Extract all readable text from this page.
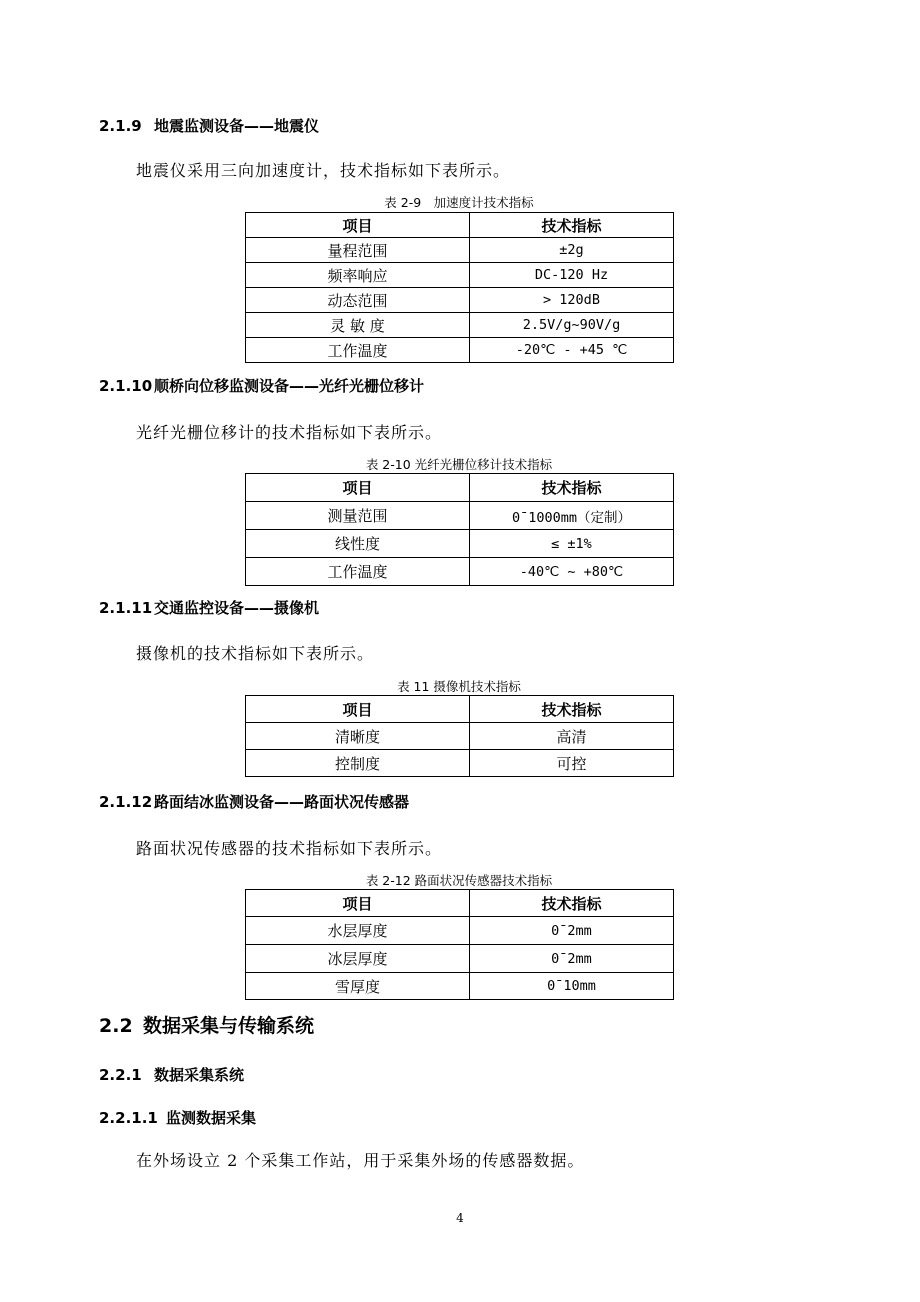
2.1.9 地震监测设备——地震仪
地震仪采用三向加速度计，技术指标如下表所示。
表 2-9　加速度计技术指标
项目	技术指标
量程范围	±2g
频率响应	DC-120 Hz
动态范围	> 120dB
灵 敏 度	2.5V/g~90V/g
工作温度	-20℃ - +45 ℃
2.1.10 顺桥向位移监测设备——光纤光栅位移计
光纤光栅位移计的技术指标如下表所示。
表 2-10 光纤光栅位移计技术指标
项目	技术指标
测量范围	0¯1000mm（定制）
线性度	≤ ±1%
工作温度	-40℃ ~ +80℃
2.1.11 交通监控设备——摄像机
摄像机的技术指标如下表所示。
表 11 摄像机技术指标
项目	技术指标
清晰度	高清
控制度	可控
2.1.12 路面结冰监测设备——路面状况传感器
路面状况传感器的技术指标如下表所示。
表 2-12 路面状况传感器技术指标
项目	技术指标
水层厚度	0¯2mm
冰层厚度	0¯2mm
雪厚度	0¯10mm
2.2 数据采集与传输系统
2.2.1 数据采集系统
2.2.1.1 监测数据采集
在外场设立 2 个采集工作站，用于采集外场的传感器数据。
4
